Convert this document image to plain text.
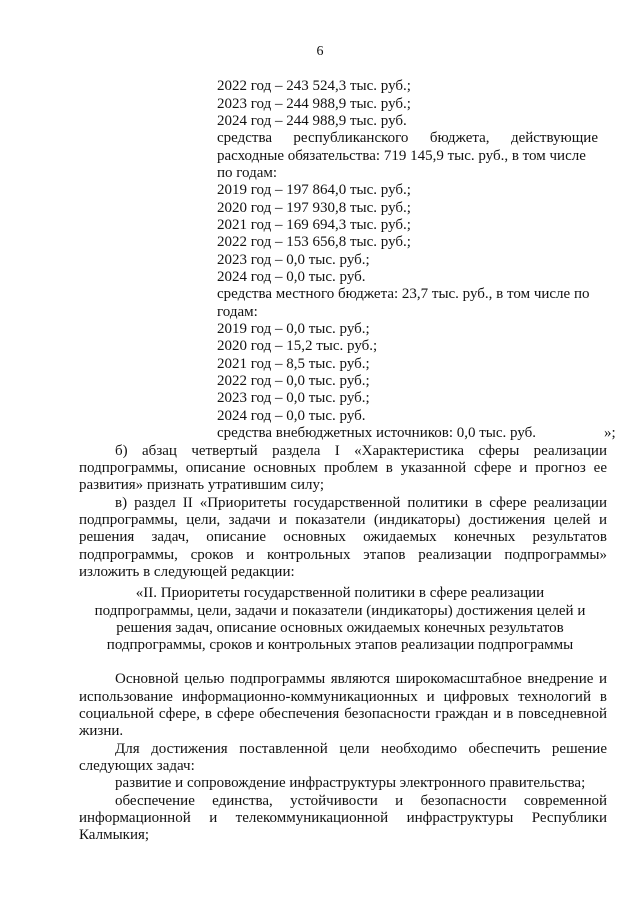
6
2022 год – 243 524,3 тыс. руб.;
2023 год – 244 988,9 тыс. руб.;
2024 год – 244 988,9 тыс. руб.
средства республиканского бюджета, действующие
расходные обязательства: 719 145,9 тыс. руб., в том числе
по годам:
2019 год – 197 864,0 тыс. руб.;
2020 год – 197 930,8 тыс. руб.;
2021 год – 169 694,3 тыс. руб.;
2022 год – 153 656,8 тыс. руб.;
2023 год – 0,0 тыс. руб.;
2024 год – 0,0 тыс. руб.
средства местного бюджета: 23,7 тыс. руб., в том числе по
годам:
2019 год – 0,0 тыс. руб.;
2020 год – 15,2 тыс. руб.;
2021 год – 8,5 тыс. руб.;
2022 год – 0,0 тыс. руб.;
2023 год – 0,0 тыс. руб.;
2024 год – 0,0 тыс. руб.
средства внебюджетных источников: 0,0 тыс. руб.	»;
б) абзац четвертый раздела I «Характеристика сферы реализации
подпрограммы, описание основных проблем в указанной сфере и прогноз ее
развития» признать утратившим силу;
в) раздел II «Приоритеты государственной политики в сфере реализации
подпрограммы, цели, задачи и показатели (индикаторы) достижения целей и
решения задач, описание основных ожидаемых конечных результатов
подпрограммы, сроков и контрольных этапов реализации подпрограммы»
изложить в следующей редакции:
«II. Приоритеты государственной политики в сфере реализации
подпрограммы, цели, задачи и показатели (индикаторы) достижения целей и
решения задач, описание основных ожидаемых конечных результатов
подпрограммы, сроков и контрольных этапов реализации подпрограммы
Основной целью подпрограммы являются широкомасштабное внедрение и
использование информационно-коммуникационных и цифровых технологий в
социальной сфере, в сфере обеспечения безопасности граждан и в повседневной
жизни.
Для достижения поставленной цели необходимо обеспечить решение
следующих задач:
развитие и сопровождение инфраструктуры электронного правительства;
обеспечение единства, устойчивости и безопасности современной
информационной и телекоммуникационной инфраструктуры Республики
Калмыкия;
